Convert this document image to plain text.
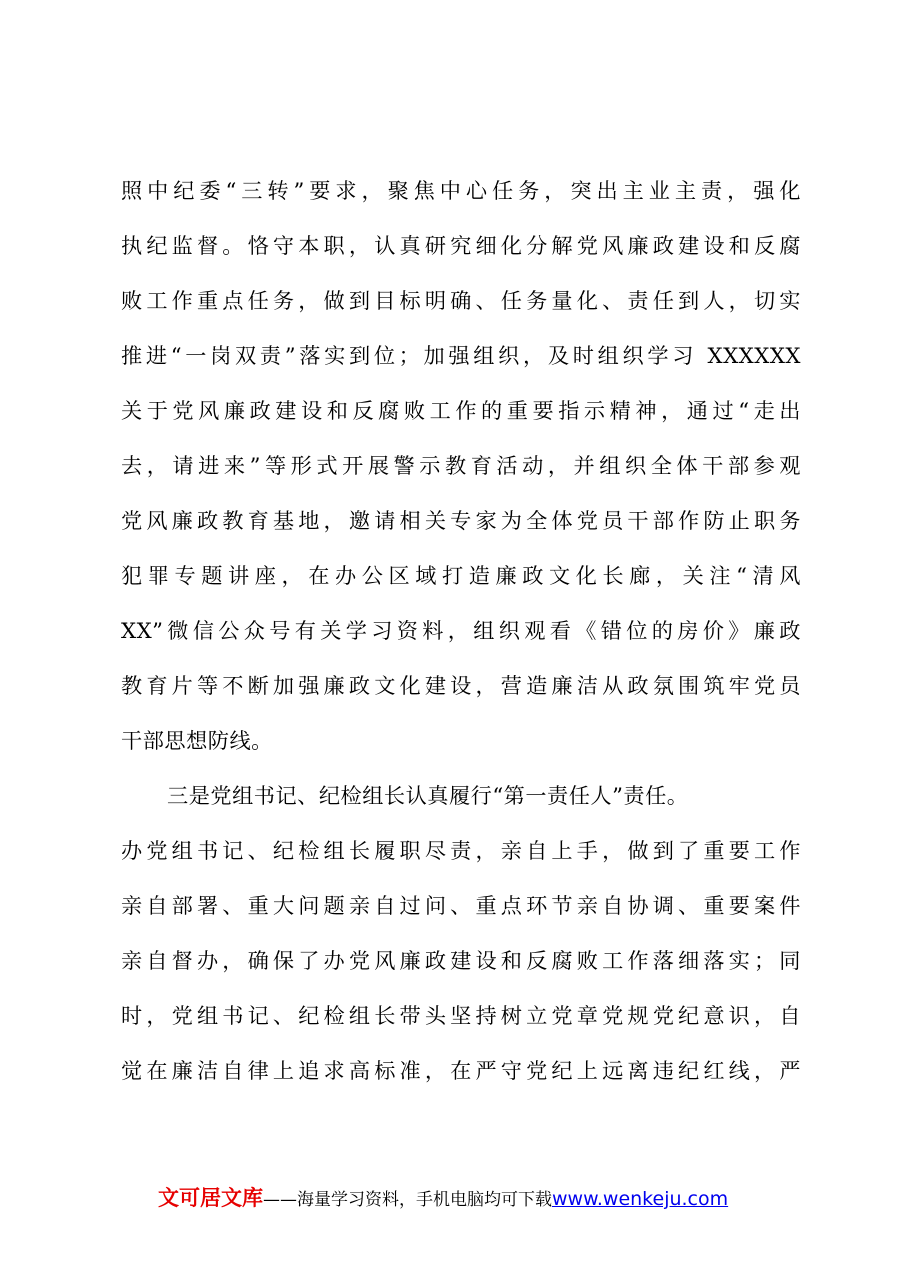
照中纪委“三转”要求，聚焦中心任务，突出主业主责，强化
执纪监督。恪守本职，认真研究细化分解党风廉政建设和反腐
败工作重点任务，做到目标明确、任务量化、责任到人，切实
推进“一岗双责”落实到位；加强组织，及时组织学习 XXXXXX
关于党风廉政建设和反腐败工作的重要指示精神，通过“走出
去，请进来”等形式开展警示教育活动，并组织全体干部参观
党风廉政教育基地，邀请相关专家为全体党员干部作防止职务
犯罪专题讲座，在办公区域打造廉政文化长廊，关注“清风
XX”微信公众号有关学习资料，组织观看《错位的房价》廉政
教育片等不断加强廉政文化建设，营造廉洁从政氛围筑牢党员
干部思想防线。

三是党组书记、纪检组长认真履行“第一责任人”责任。
办党组书记、纪检组长履职尽责，亲自上手，做到了重要工作
亲自部署、重大问题亲自过问、重点环节亲自协调、重要案件
亲自督办，确保了办党风廉政建设和反腐败工作落细落实；同
时，党组书记、纪检组长带头坚持树立党章党规党纪意识，自
觉在廉洁自律上追求高标准，在严守党纪上远离违纪红线，严

文可居文库 ——海量学习资料，手机电脑均可下载 www.wenkeju.com
